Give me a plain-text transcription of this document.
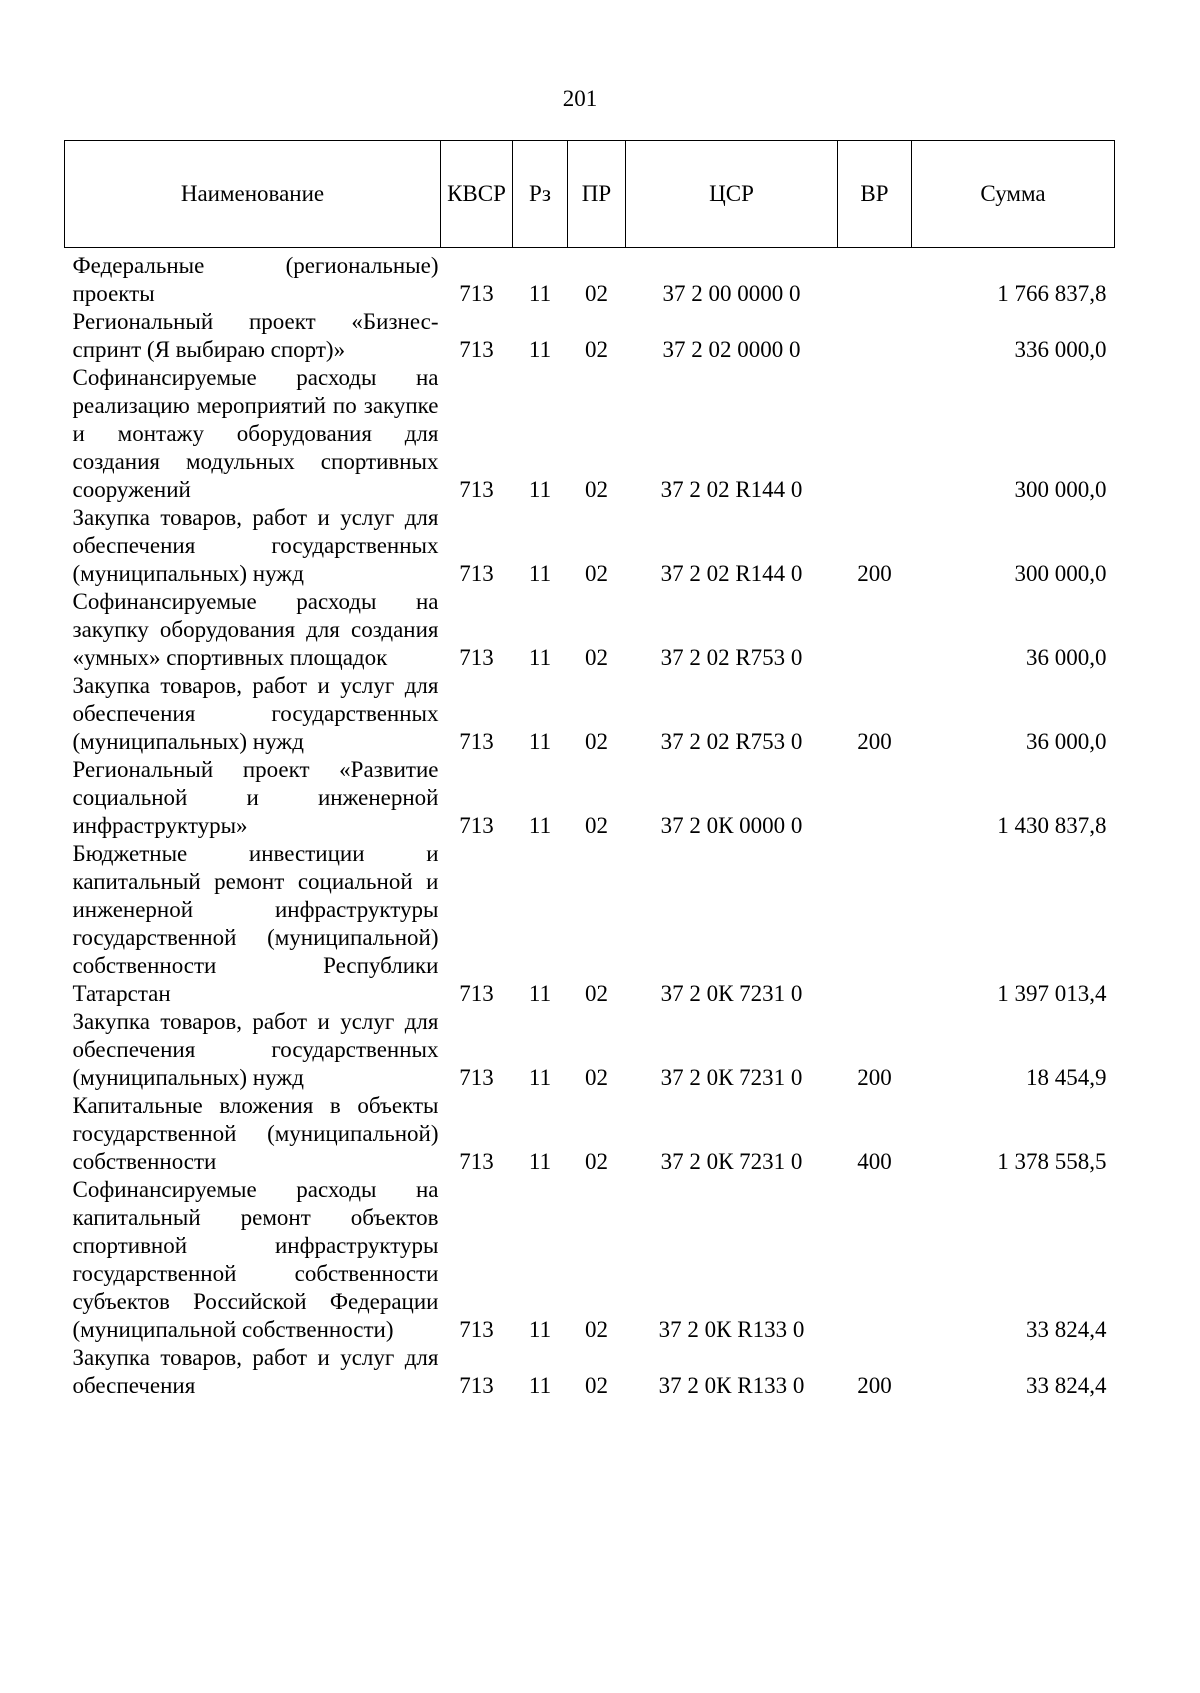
201
Наименование	КВСР	Рз	ПР	ЦСР	ВР	Сумма

Федеральные (региональные) проекты	713	11	02	37 2 00 0000 0		1 766 837,8
Региональный проект «Бизнес-спринт (Я выбираю спорт)»	713	11	02	37 2 02 0000 0		336 000,0
Софинансируемые расходы на реализацию мероприятий по закупке и монтажу оборудования для создания модульных спортивных сооружений	713	11	02	37 2 02 R144 0		300 000,0
Закупка товаров, работ и услуг для обеспечения государственных (муниципальных) нужд	713	11	02	37 2 02 R144 0	200	300 000,0
Софинансируемые расходы на закупку оборудования для создания «умных» спортивных площадок	713	11	02	37 2 02 R753 0		36 000,0
Закупка товаров, работ и услуг для обеспечения государственных (муниципальных) нужд	713	11	02	37 2 02 R753 0	200	36 000,0
Региональный проект «Развитие социальной и инженерной инфраструктуры»	713	11	02	37 2 0К 0000 0		1 430 837,8
Бюджетные инвестиции и капитальный ремонт социальной и инженерной инфраструктуры государственной (муниципальной) собственности Республики Татарстан	713	11	02	37 2 0К 7231 0		1 397 013,4
Закупка товаров, работ и услуг для обеспечения государственных (муниципальных) нужд	713	11	02	37 2 0К 7231 0	200	18 454,9
Капитальные вложения в объекты государственной (муниципальной) собственности	713	11	02	37 2 0К 7231 0	400	1 378 558,5
Софинансируемые расходы на капитальный ремонт объектов спортивной инфраструктуры государственной собственности субъектов Российской Федерации (муниципальной собственности)	713	11	02	37 2 0К R133 0		33 824,4
Закупка товаров, работ и услуг для обеспечения	713	11	02	37 2 0К R133 0	200	33 824,4
